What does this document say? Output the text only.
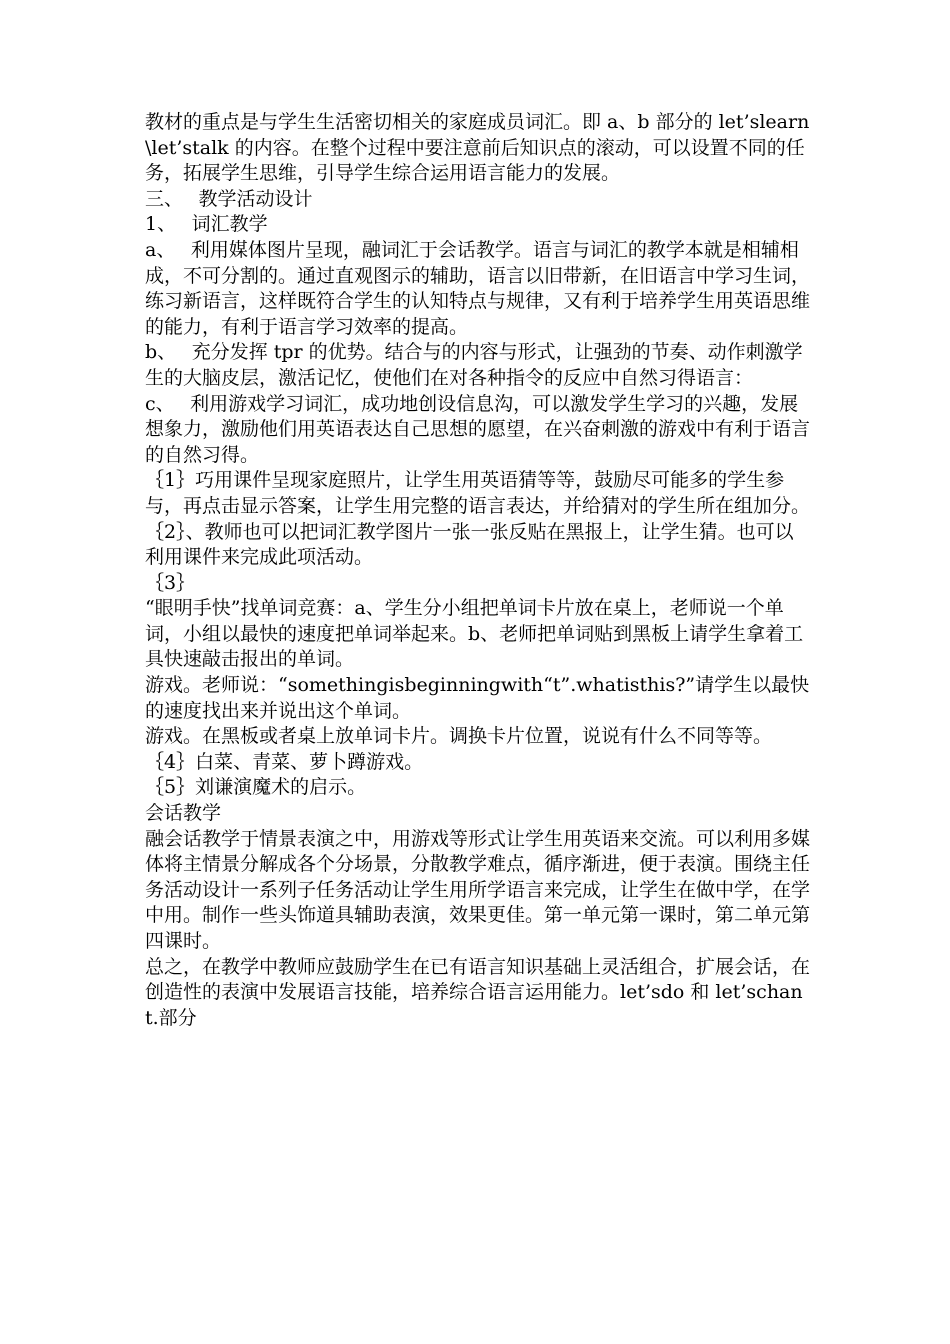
教材的重点是与学生生活密切相关的家庭成员词汇。即 a、b 部分的 let’slearn\let’stalk 的内容。在整个过程中要注意前后知识点的滚动，可以设置不同的任务，拓展学生思维，引导学生综合运用语言能力的发展。

三、　 教学活动设计

1、　 词汇教学

a、　 利用媒体图片呈现，融词汇于会话教学。语言与词汇的教学本就是相辅相成，不可分割的。通过直观图示的辅助，语言以旧带新，在旧语言中学习生词，练习新语言，这样既符合学生的认知特点与规律，又有利于培养学生用英语思维的能力，有利于语言学习效率的提高。

b、　 充分发挥 tpr 的优势。结合与的内容与形式，让强劲的节奏、动作刺激学生的大脑皮层，激活记忆，使他们在对各种指令的反应中自然习得语言：

c、　 利用游戏学习词汇，成功地创设信息沟，可以激发学生学习的兴趣，发展想象力，激励他们用英语表达自己思想的愿望，在兴奋刺激的游戏中有利于语言的自然习得。

｛1｝巧用课件呈现家庭照片，让学生用英语猜等等，鼓励尽可能多的学生参与，再点击显示答案，让学生用完整的语言表达，并给猜对的学生所在组加分。

｛2｝、教师也可以把词汇教学图片一张一张反贴在黑报上，让学生猜。也可以利用课件来完成此项活动。

｛3｝

“眼明手快”找单词竞赛：a、学生分小组把单词卡片放在桌上，老师说一个单词，小组以最快的速度把单词举起来。b、老师把单词贴到黑板上请学生拿着工具快速敲击报出的单词。

游戏。老师说：“somethingisbeginningwith“t”.whatisthis?”请学生以最快的速度找出来并说出这个单词。

游戏。在黑板或者桌上放单词卡片。调换卡片位置，说说有什么不同等等。

｛4｝白菜、青菜、萝卜蹲游戏。

｛5｝刘谦演魔术的启示。

会话教学

融会话教学于情景表演之中，用游戏等形式让学生用英语来交流。可以利用多媒体将主情景分解成各个分场景，分散教学难点，循序渐进，便于表演。围绕主任务活动设计一系列子任务活动让学生用所学语言来完成，让学生在做中学，在学中用。制作一些头饰道具辅助表演，效果更佳。第一单元第一课时，第二单元第四课时。

总之，在教学中教师应鼓励学生在已有语言知识基础上灵活组合，扩展会话，在创造性的表演中发展语言技能，培养综合语言运用能力。let’sdo 和 let’schant.部分
